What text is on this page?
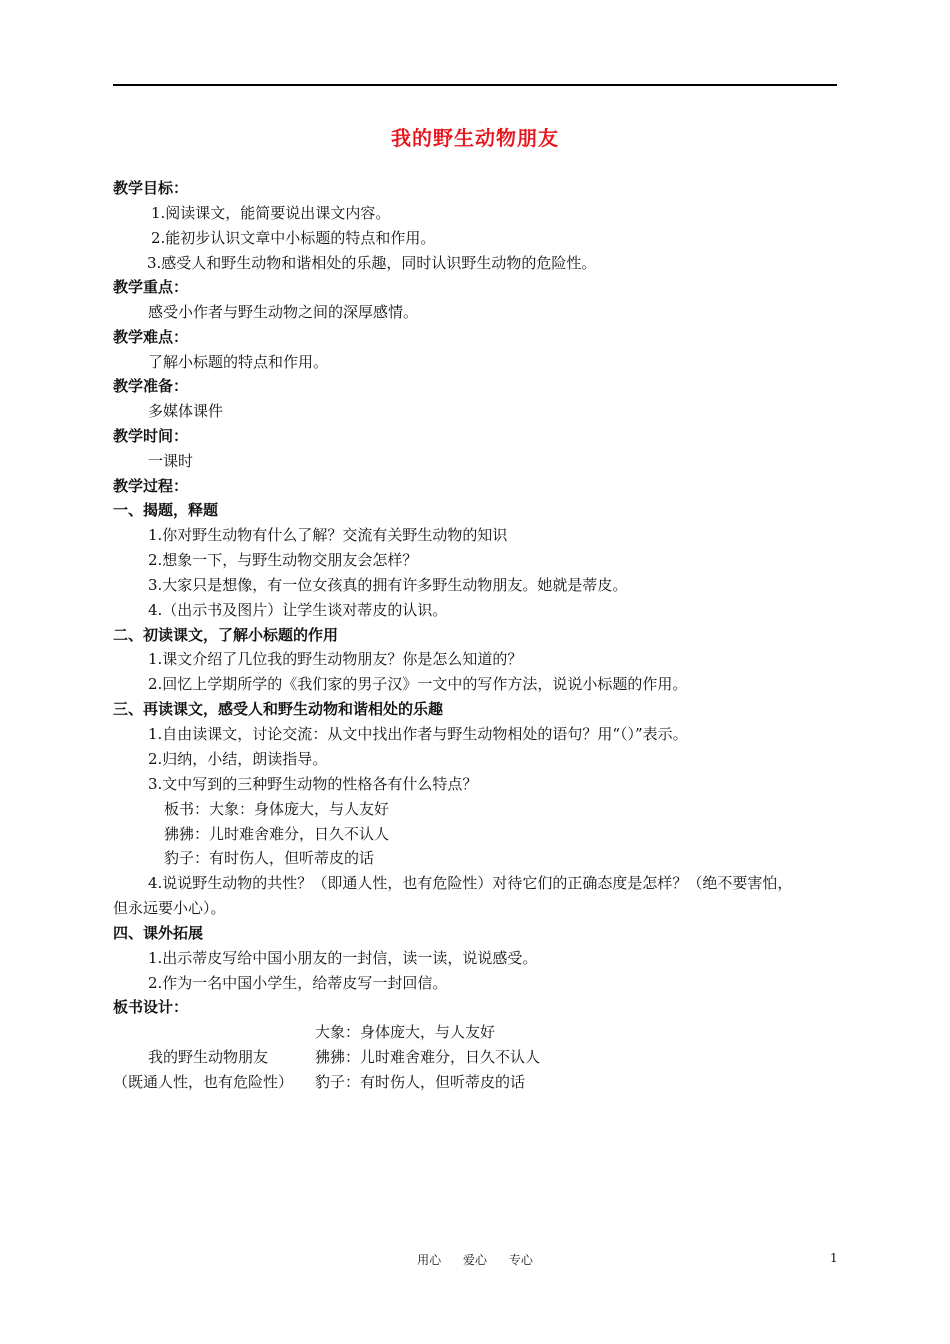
我的野生动物朋友
教学目标：
1.阅读课文，能简要说出课文内容。
2.能初步认识文章中小标题的特点和作用。
3.感受人和野生动物和谐相处的乐趣，同时认识野生动物的危险性。
教学重点：
感受小作者与野生动物之间的深厚感情。
教学难点：
了解小标题的特点和作用。
教学准备：
多媒体课件
教学时间：
一课时
教学过程：
一、揭题，释题
1.你对野生动物有什么了解？交流有关野生动物的知识
2.想象一下，与野生动物交朋友会怎样？
3.大家只是想像，有一位女孩真的拥有许多野生动物朋友。她就是蒂皮。
4.（出示书及图片）让学生谈对蒂皮的认识。
二、初读课文，了解小标题的作用
1.课文介绍了几位我的野生动物朋友？你是怎么知道的？
2.回忆上学期所学的《我们家的男子汉》一文中的写作方法，说说小标题的作用。
三、再读课文，感受人和野生动物和谐相处的乐趣
1.自由读课文，讨论交流：从文中找出作者与野生动物相处的语句？用“（）”表示。
2.归纳，小结，朗读指导。
3.文中写到的三种野生动物的性格各有什么特点？
板书：大象：身体庞大，与人友好
狒狒：儿时难舍难分，日久不认人
豹子：有时伤人，但听蒂皮的话
4.说说野生动物的共性？（即通人性，也有危险性）对待它们的正确态度是怎样？（绝不要害怕，
但永远要小心）。
四、课外拓展
1.出示蒂皮写给中国小朋友的一封信，读一读，说说感受。
2.作为一名中国小学生，给蒂皮写一封回信。
板书设计：
大象：身体庞大，与人友好
我的野生动物朋友	狒狒：儿时难舍难分，日久不认人
（既通人性，也有危险性） 豹子：有时伤人，但听蒂皮的话
用心 爱心 专心	1
